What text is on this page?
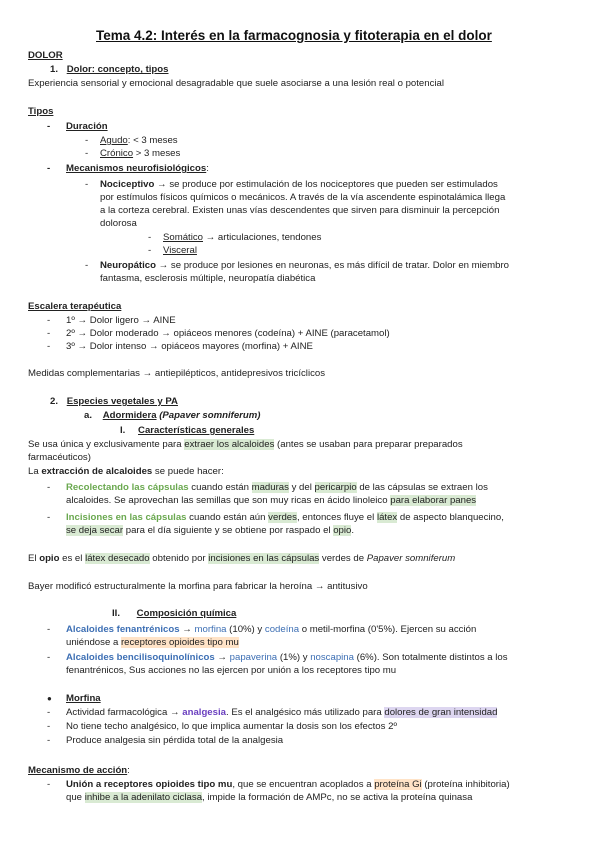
Tema 4.2: Interés en la farmacognosia y fitoterapia en el dolor
DOLOR
1. Dolor: concepto, tipos
Experiencia sensorial y emocional desagradable que suele asociarse a una lesión real o potencial
Tipos
- Duración
- Agudo: < 3 meses
- Crónico > 3 meses
- Mecanismos neurofisiológicos:
- Nociceptivo → se produce por estimulación de los nociceptores que pueden ser estimulados
por estímulos físicos químicos o mecánicos. A través de la vía ascendente espinotalámica llega
a la corteza cerebral. Existen unas vías descendentes que sirven para disminuir la percepción
dolorosa
- Somático → articulaciones, tendones
- Visceral
- Neuropático → se produce por lesiones en neuronas, es más difícil de tratar. Dolor en miembro
fantasma, esclerosis múltiple, neuropatía diabética
Escalera terapéutica
- 1º → Dolor ligero → AINE
- 2º → Dolor moderado → opiáceos menores (codeína) + AINE (paracetamol)
- 3º → Dolor intenso → opiáceos mayores (morfina) + AINE
Medidas complementarias → antiepilépticos, antidepresivos tricíclicos
2. Especies vegetales y PA
a. Adormidera (Papaver somniferum)
I. Características generales
Se usa única y exclusivamente para extraer los alcaloides (antes se usaban para preparar preparados
farmacéuticos)
La extracción de alcaloides se puede hacer:
- Recolectando las cápsulas cuando están maduras y del pericarpio de las cápsulas se extraen los
alcaloides. Se aprovechan las semillas que son muy ricas en ácido linoleico para elaborar panes
- Incisiones en las cápsulas cuando están aún verdes, entonces fluye el látex de aspecto blanquecino,
se deja secar para el día siguiente y se obtiene por raspado el opio.
El opio es el látex desecado obtenido por incisiones en las cápsulas verdes de Papaver somniferum
Bayer modificó estructuralmente la morfina para fabricar la heroína → antitusivo
II. Composición química
- Alcaloides fenantrénicos → morfina (10%) y codeína o metil-morfina (0'5%). Ejercen su acción
uniéndose a receptores opioides tipo mu
- Alcaloides bencilisoquinolínicos → papaverina (1%) y noscapina (6%). Son totalmente distintos a los
fenantrénicos, Sus acciones no las ejercen por unión a los receptores tipo mu
● Morfina
- Actividad farmacológica → analgesia. Es el analgésico más utilizado para dolores de gran intensidad
- No tiene techo analgésico, lo que implica aumentar la dosis son los efectos 2º
- Produce analgesia sin pérdida total de la analgesia
Mecanismo de acción:
- Unión a receptores opioides tipo mu, que se encuentran acoplados a proteína Gi (proteína inhibitoria)
que inhibe a la adenilato ciclasa, impide la formación de AMPc, no se activa la proteína quinasa
